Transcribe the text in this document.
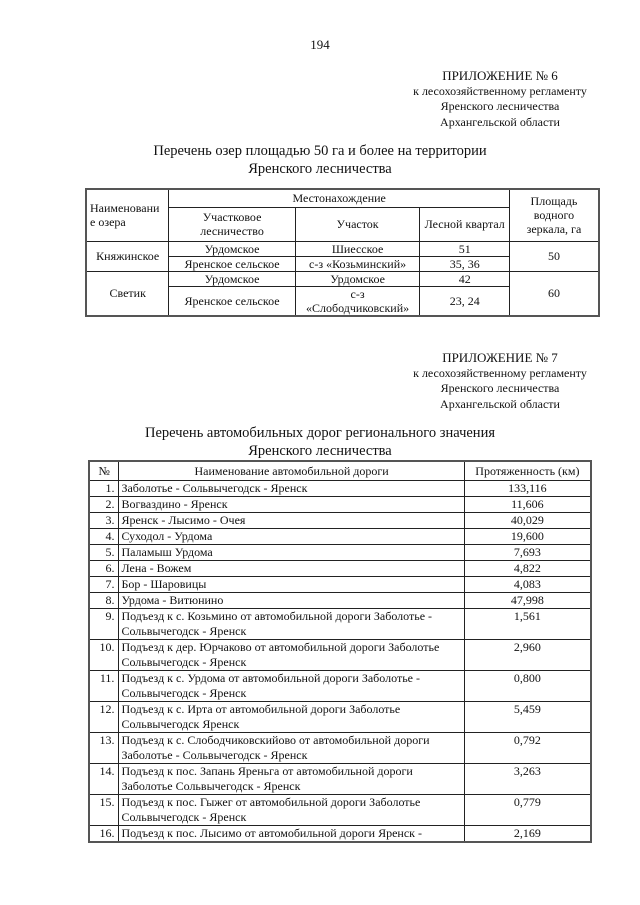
194
ПРИЛОЖЕНИЕ № 6
к лесохозяйственному регламенту
Яренского лесничества
Архангельской области
Перечень озер площадью 50 га и более на территории
Яренского лесничества
Наименовани е озера	Местонахождение			Площадь водного зеркала, га
	Участковое лесничество	Участок	Лесной квартал	
Княжинское	Урдомское	Шиесское	51	50
	Яренское сельское	с-з «Козьминский»	35, 36	
Светик	Урдомское	Урдомское	42	60
	Яренское сельское	с-з «Слободчиковский»	23, 24	
ПРИЛОЖЕНИЕ № 7
к лесохозяйственному регламенту
Яренского лесничества
Архангельской области
Перечень автомобильных дорог регионального значения
Яренского лесничества
№	Наименование автомобильной дороги	Протяженность (км)
1.	Заболотье - Сольвычегодск - Яренск	133,116
2.	Вогваздино - Яренск	11,606
3.	Яренск - Лысимо - Очея	40,029
4.	Суходол - Урдома	19,600
5.	Паламыш Урдома	7,693
6.	Лена - Вожем	4,822
7.	Бор - Шаровицы	4,083
8.	Урдома - Витюнино	47,998
9.	Подъезд к с. Козьмино от автомобильной дороги Заболотье - Сольвычегодск - Яренск	1,561
10.	Подъезд к дер. Юрчаково от автомобильной дороги Заболотье Сольвычегодск - Яренск	2,960
11.	Подъезд к с. Урдома от автомобильной дороги Заболотье - Сольвычегодск - Яренск	0,800
12.	Подъезд к с. Ирта от автомобильной дороги Заболотье Сольвычегодск Яренск	5,459
13.	Подъезд к с. Слободчиковскийово от автомобильной дороги Заболотье - Сольвычегодск - Яренск	0,792
14.	Подъезд к пос. Запань Яреньга от автомобильной дороги Заболотье Сольвычегодск - Яренск	3,263
15.	Подъезд к пос. Гыжег от автомобильной дороги Заболотье Сольвычегодск - Яренск	0,779
16.	Подъезд к пос. Лысимо от автомобильной дороги Яренск -	2,169
